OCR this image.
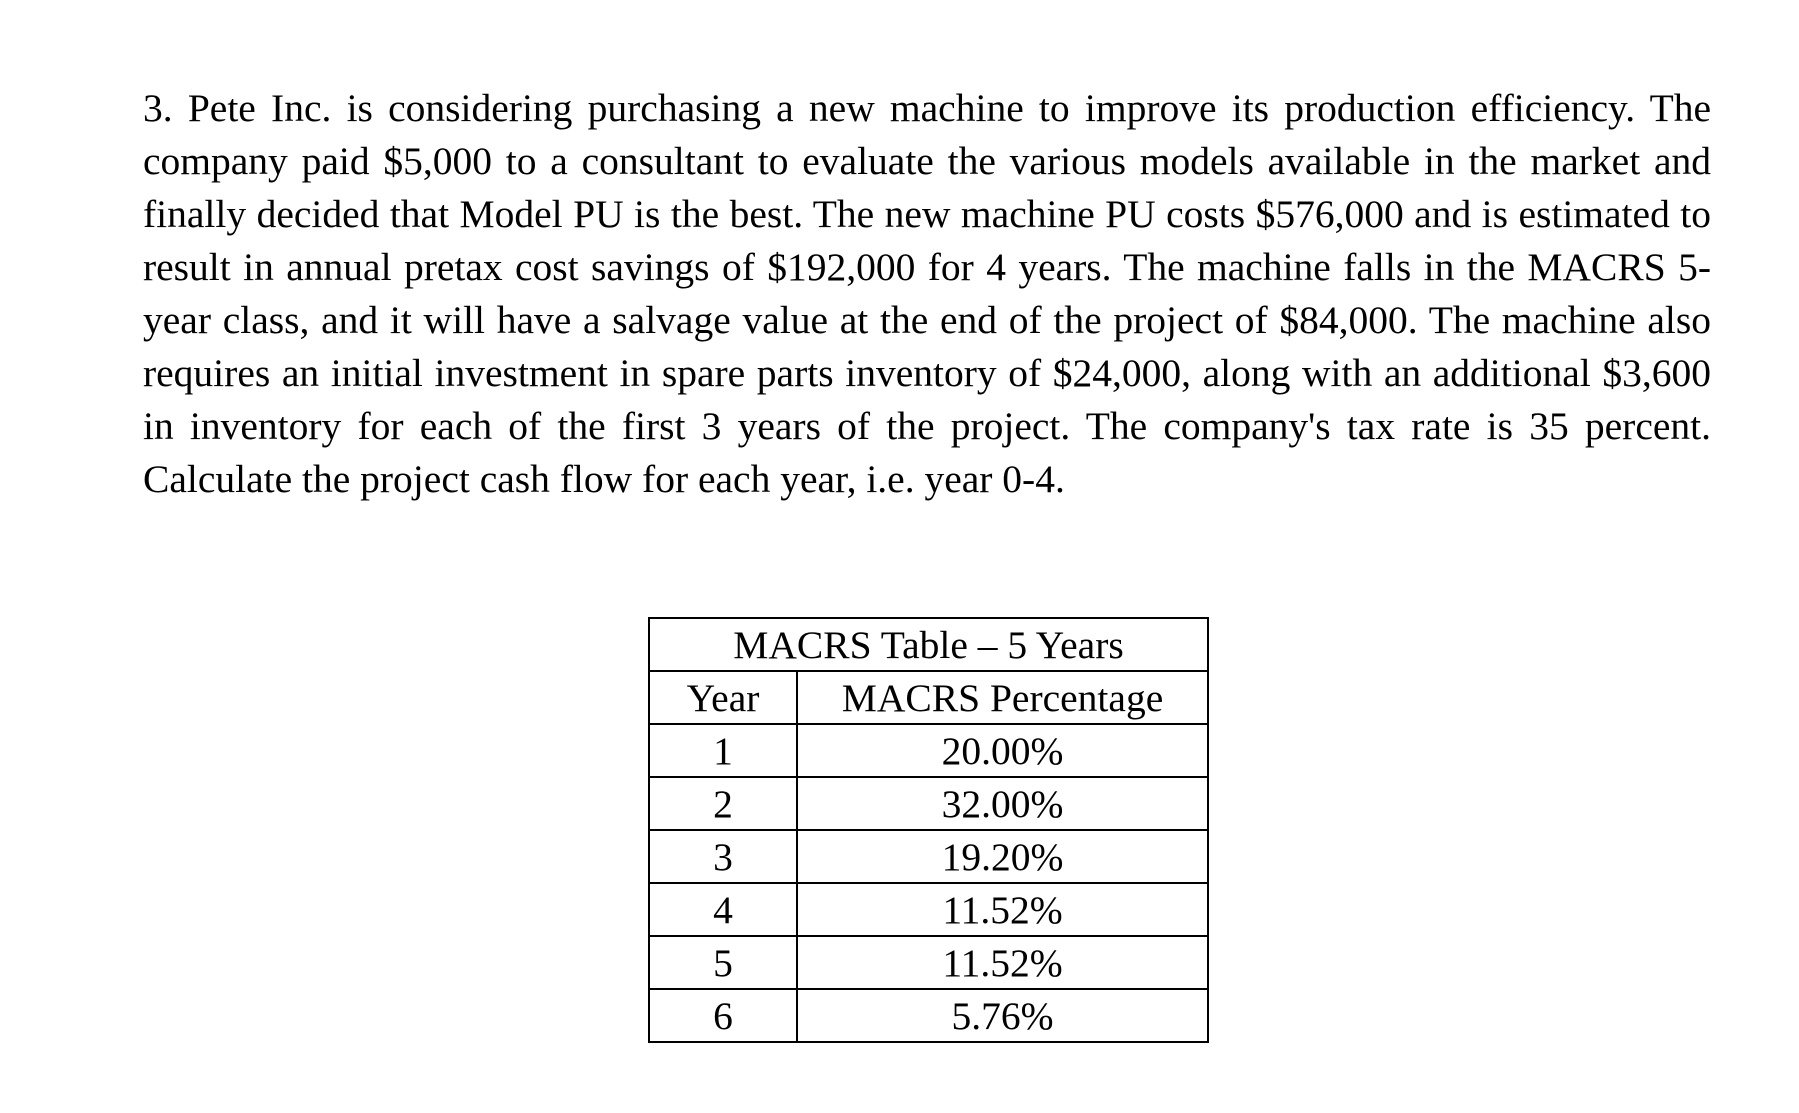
3. Pete Inc. is considering purchasing a new machine to improve its production efficiency. The company paid $5,000 to a consultant to evaluate the various models available in the market and finally decided that Model PU is the best. The new machine PU costs $576,000 and is estimated to result in annual pretax cost savings of $192,000 for 4 years. The machine falls in the MACRS 5-year class, and it will have a salvage value at the end of the project of $84,000. The machine also requires an initial investment in spare parts inventory of $24,000, along with an additional $3,600 in inventory for each of the first 3 years of the project. The company's tax rate is 35 percent. Calculate the project cash flow for each year, i.e. year 0-4.

MACRS Table – 5 Years	
Year	MACRS Percentage
1	20.00%
2	32.00%
3	19.20%
4	11.52%
5	11.52%
6	5.76%
